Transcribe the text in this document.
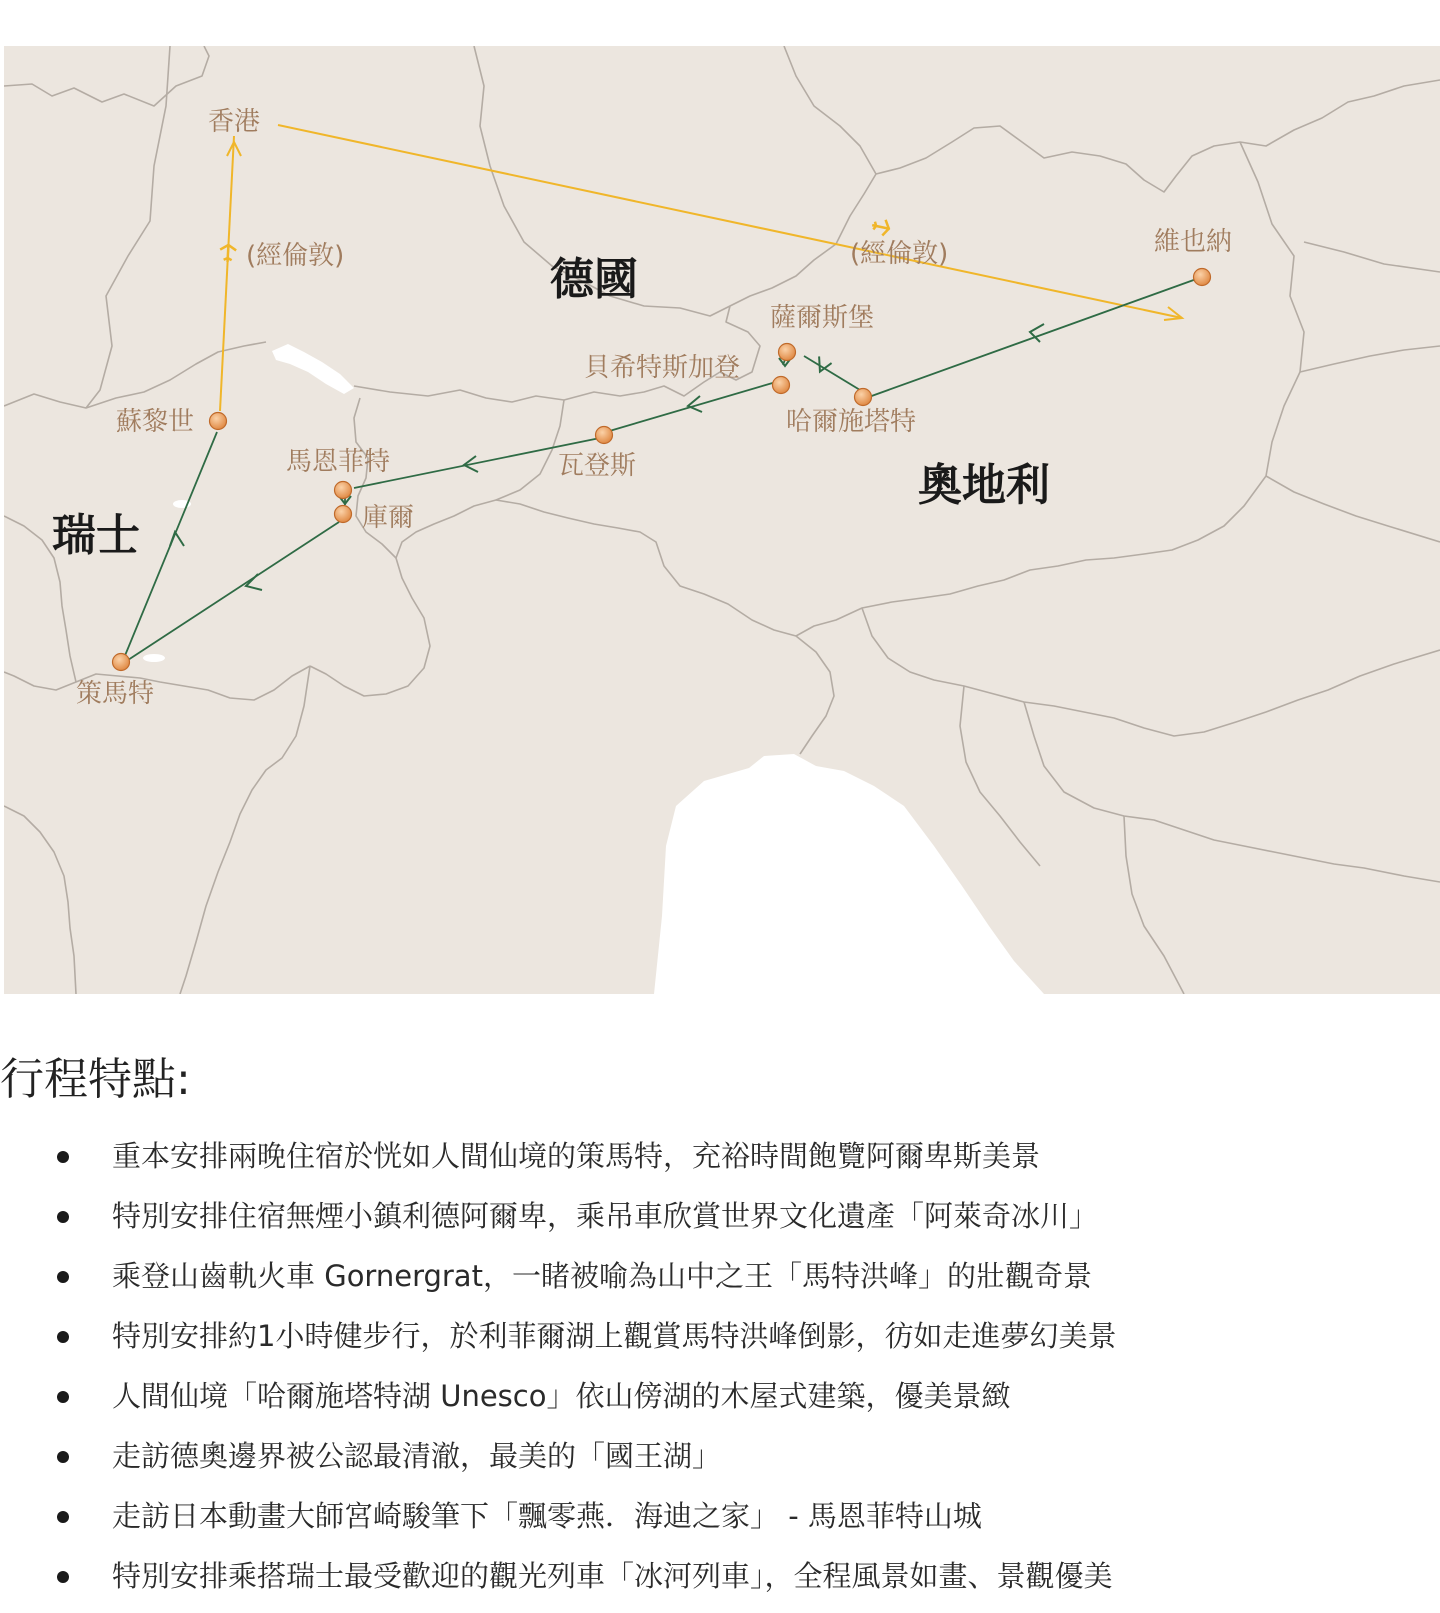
德國
奧地利
瑞士
香港
(經倫敦)	(經倫敦)	維也納
薩爾斯堡
貝希特斯加登
哈爾施塔特
瓦登斯
馬恩菲特
庫爾
蘇黎世
策馬特
行程特點:
重本安排兩晚住宿於恍如人間仙境的策馬特，充裕時間飽覽阿爾卑斯美景
特別安排住宿無煙小鎮利德阿爾卑，乘吊車欣賞世界文化遺產「阿萊奇冰川」
乘登山齒軌火車 Gornergrat，一睹被喻為山中之王「馬特洪峰」的壯觀奇景
特別安排約1小時健步行，於利菲爾湖上觀賞馬特洪峰倒影，彷如走進夢幻美景
人間仙境「哈爾施塔特湖 Unesco」依山傍湖的木屋式建築，優美景緻
走訪德奧邊界被公認最清澈，最美的「國王湖」
走訪日本動畫大師宮崎駿筆下「飄零燕．海迪之家」 - 馬恩菲特山城
特別安排乘搭瑞士最受歡迎的觀光列車「冰河列車」，全程風景如畫、景觀優美
